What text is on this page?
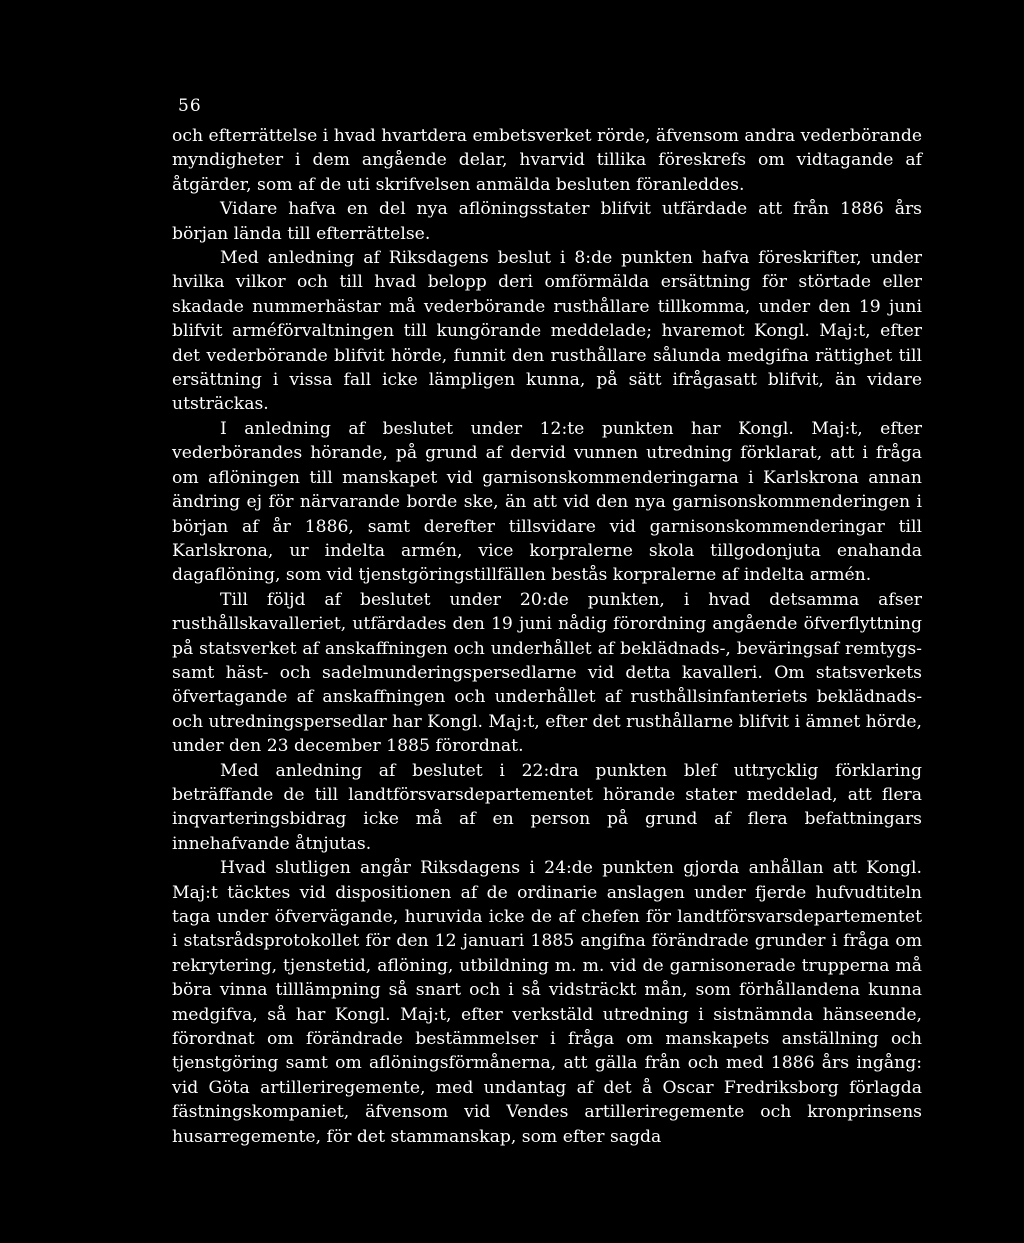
56

och efterrättelse i hvad hvartdera embetsverket rörde, äfvensom andra vederbörande myndigheter i dem angående delar, hvarvid tillika föreskrefs om vidtagande af åtgärder, som af de uti skrifvelsen anmälda besluten föranleddes.

Vidare hafva en del nya aflöningsstater blifvit utfärdade att från 1886 års början lända till efterrättelse.

Med anledning af Riksdagens beslut i 8:de punkten hafva föreskrifter, under hvilka vilkor och till hvad belopp deri omförmälda ersättning för störtade eller skadade nummerhästar må vederbörande rusthållare tillkomma, under den 19 juni blifvit arméförvaltningen till kungörande meddelade; hvaremot Kongl. Maj:t, efter det vederbörande blifvit hörde, funnit den rusthållare sålunda medgifna rättighet till ersättning i vissa fall icke lämpligen kunna, på sätt ifrågasatt blifvit, än vidare utsträckas.

I anledning af beslutet under 12:te punkten har Kongl. Maj:t, efter vederbörandes hörande, på grund af dervid vunnen utredning förklarat, att i fråga om aflöningen till manskapet vid garnisonskommenderingarna i Karlskrona annan ändring ej för närvarande borde ske, än att vid den nya garnisonskommenderingen i början af år 1886, samt derefter tillsvidare vid garnisonskommenderingar till Karlskrona, ur indelta armén, vice korpralerne skola tillgodonjuta enahanda dagaflöning, som vid tjenstgöringstillfällen bestås korpralerne af indelta armén.

Till följd af beslutet under 20:de punkten, i hvad detsamma afser rusthållskavalleriet, utfärdades den 19 juni nådig förordning angående öfverflyttning på statsverket af anskaffningen och underhållet af beklädnads-, beväringsaf remtygs- samt häst- och sadelmunderingspersedlarne vid detta kavalleri. Om statsverkets öfvertagande af anskaffningen och underhållet af rusthållsinfanteriets beklädnads- och utredningspersedlar har Kongl. Maj:t, efter det rusthållarne blifvit i ämnet hörde, under den 23 december 1885 förordnat.

Med anledning af beslutet i 22:dra punkten blef uttrycklig förklaring beträffande de till landtförsvarsdepartementet hörande stater meddelad, att flera inqvarteringsbidrag icke må af en person på grund af flera befattningars innehafvande åtnjutas.

Hvad slutligen angår Riksdagens i 24:de punkten gjorda anhållan att Kongl. Maj:t täcktes vid dispositionen af de ordinarie anslagen under fjerde hufvudtiteln taga under öfvervägande, huruvida icke de af chefen för landtförsvarsdepartementet i statsrådsprotokollet för den 12 januari 1885 angifna förändrade grunder i fråga om rekrytering, tjenstetid, aflöning, utbildning m. m. vid de garnisonerade trupperna må böra vinna tilllämpning så snart och i så vidsträckt mån, som förhållandena kunna medgifva, så har Kongl. Maj:t, efter verkstäld utredning i sistnämnda hänseende, förordnat om förändrade bestämmelser i fråga om manskapets anställning och tjenstgöring samt om aflöningsförmånerna, att gälla från och med 1886 års ingång: vid Göta artilleriregemente, med undantag af det å Oscar Fredriksborg förlagda fästningskompaniet, äfvensom vid Vendes artilleriregemente och kronprinsens husarregemente, för det stammanskap, som efter sagda
